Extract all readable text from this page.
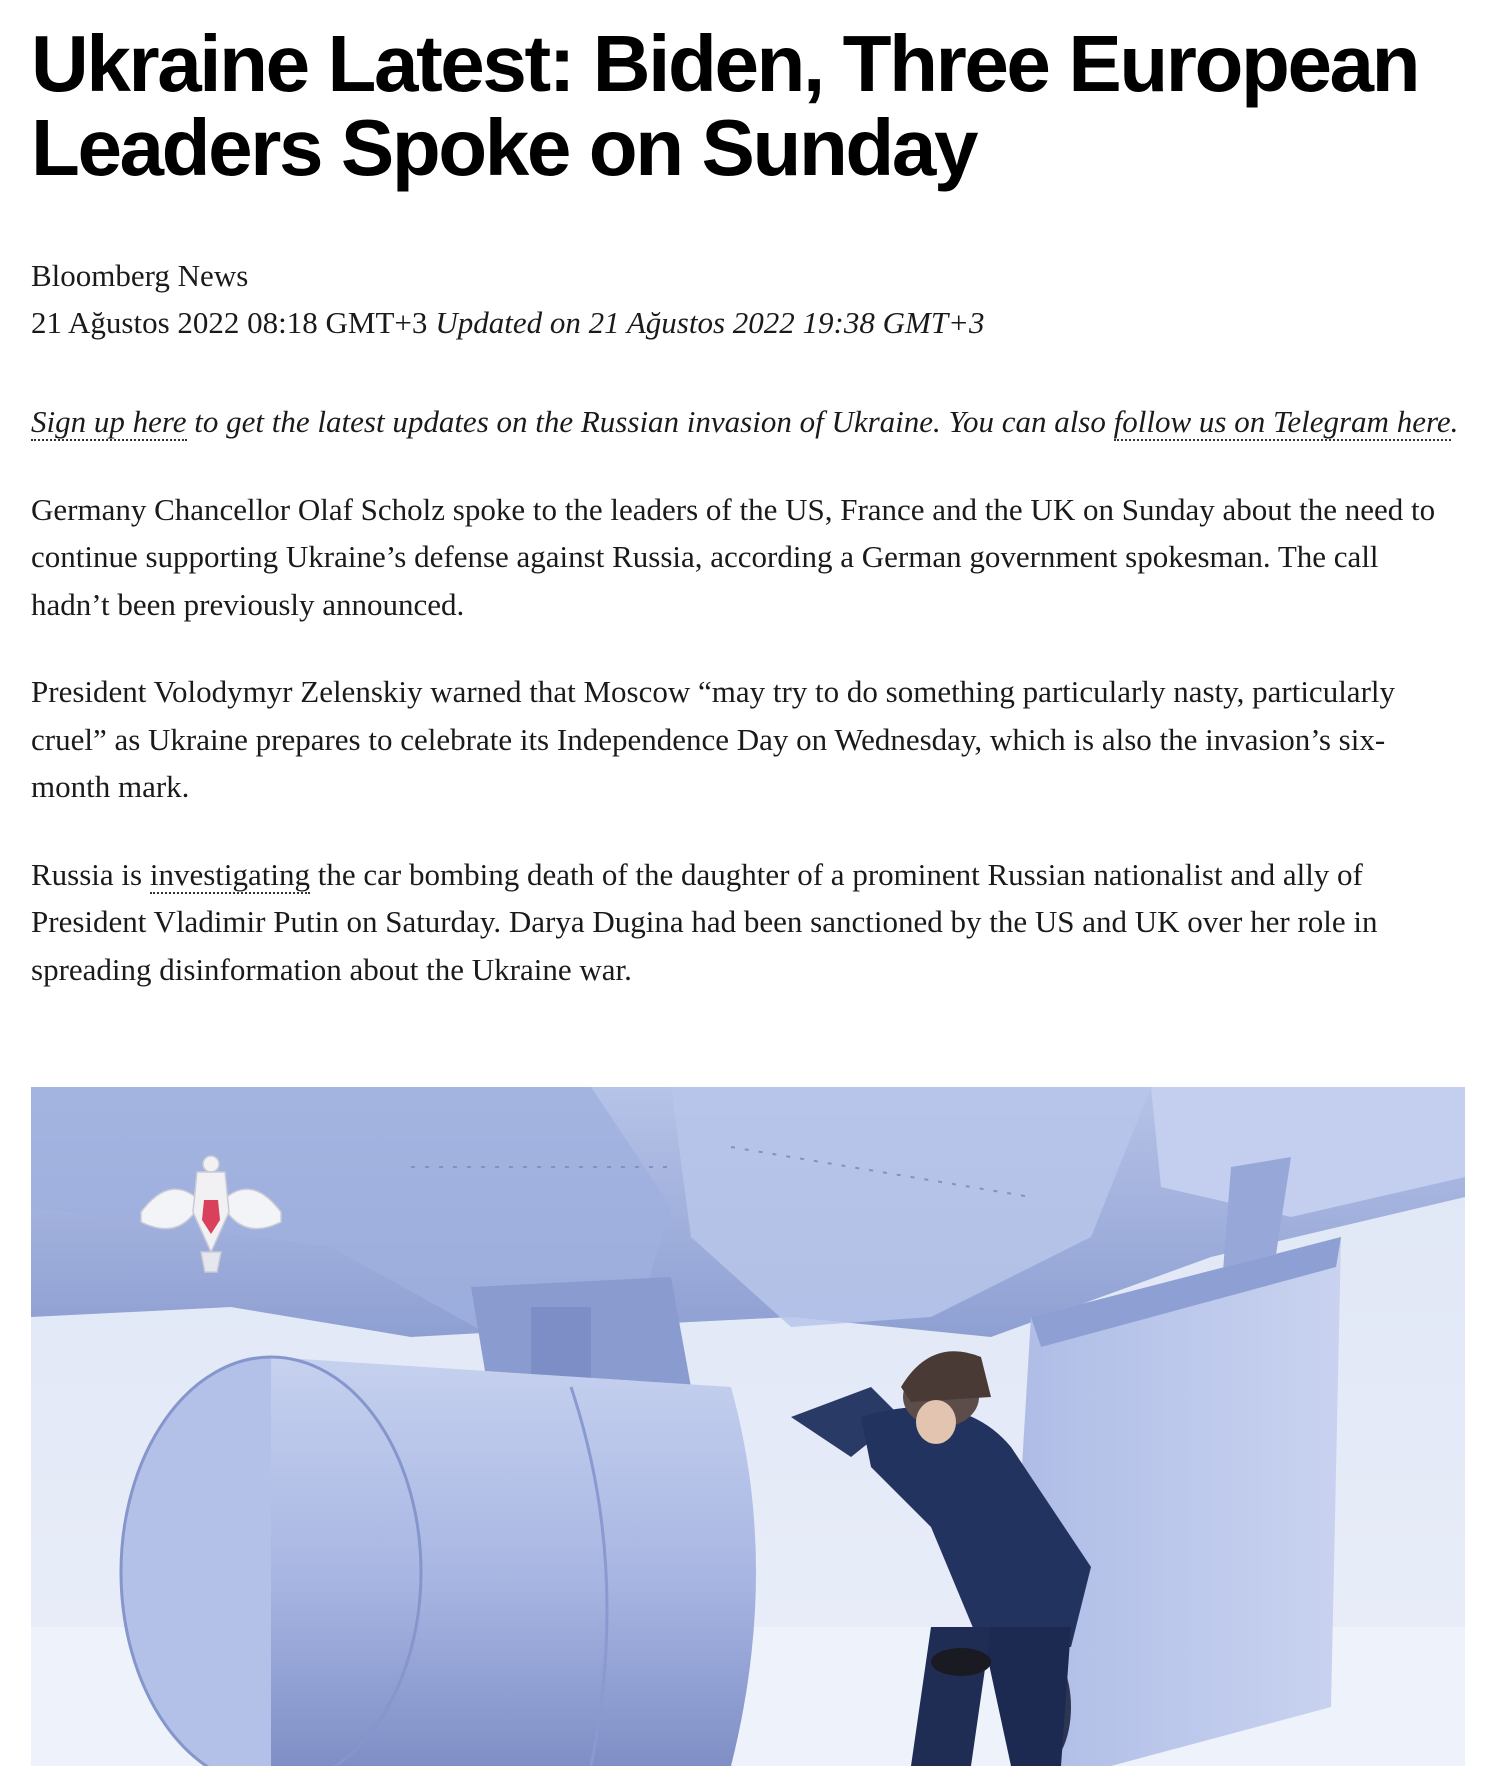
Ukraine Latest: Biden, Three European Leaders Spoke on Sunday
Bloomberg News
21 Ağustos 2022 08:18 GMT+3 Updated on 21 Ağustos 2022 19:38 GMT+3

Sign up here to get the latest updates on the Russian invasion of Ukraine. You can also follow us on Telegram here.

Germany Chancellor Olaf Scholz spoke to the leaders of the US, France and the UK on Sunday about the need to continue supporting Ukraine’s defense against Russia, according a German government spokesman. The call hadn’t been previously announced.

President Volodymyr Zelenskiy warned that Moscow “may try to do something particularly nasty, particularly cruel” as Ukraine prepares to celebrate its Independence Day on Wednesday, which is also the invasion’s six-month mark.

Russia is investigating the car bombing death of the daughter of a prominent Russian nationalist and ally of President Vladimir Putin on Saturday. Darya Dugina had been sanctioned by the US and UK over her role in spreading disinformation about the Ukraine war.
